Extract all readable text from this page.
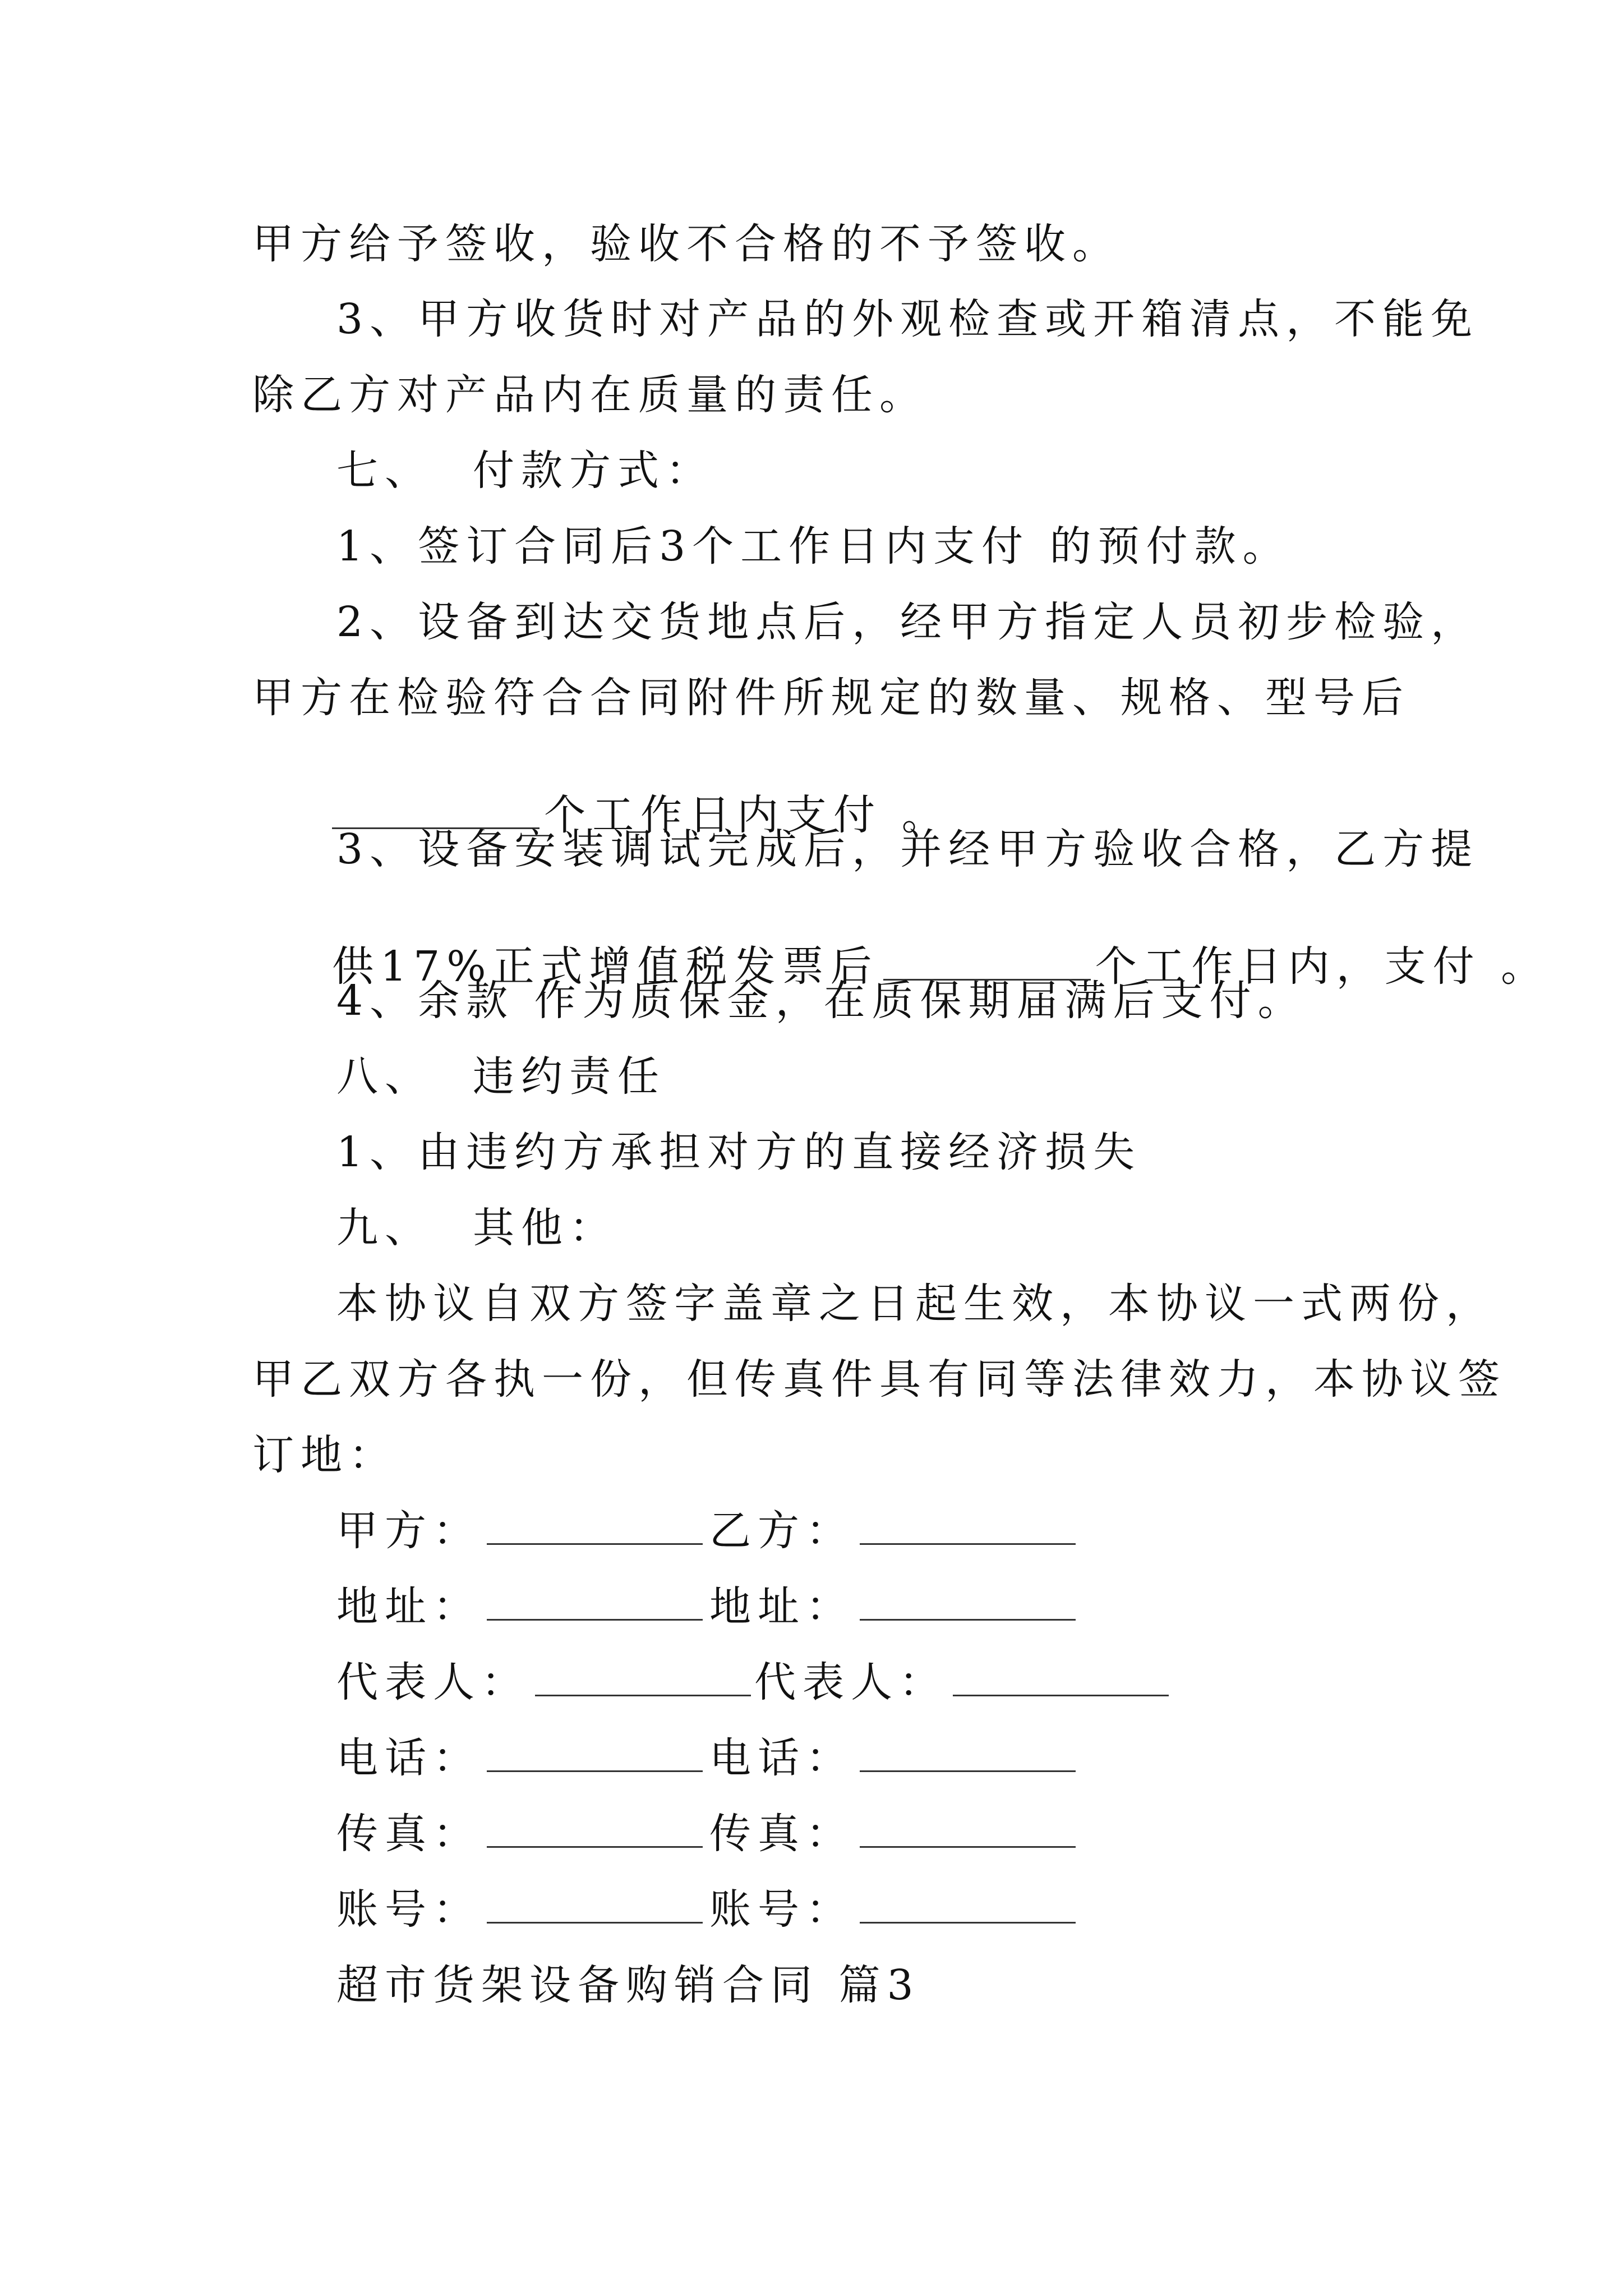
甲方给予签收，验收不合格的不予签收。
3、甲方收货时对产品的外观检查或开箱清点，不能免
除乙方对产品内在质量的责任。
七、  付款方式：
1、签订合同后3个工作日内支付 的预付款。
2、设备到达交货地点后，经甲方指定人员初步检验，
甲方在检验符合合同附件所规定的数量、规格、型号后

个工作日内支付 。

3、设备安装调试完成后，并经甲方验收合格，乙方提

供17%正式增值税发票后	个工作日内，支付 。

4、余款 作为质保金，在质保期届满后支付。
八、  违约责任
1、由违约方承担对方的直接经济损失
九、  其他：
本协议自双方签字盖章之日起生效，本协议一式两份，
甲乙双方各执一份，但传真件具有同等法律效力，本协议签
订地：
甲方：	乙方：
地址：	地址：
代表人：	代表人：
电话：	电话：
传真：	传真：
账号：	账号：
超市货架设备购销合同 篇3
